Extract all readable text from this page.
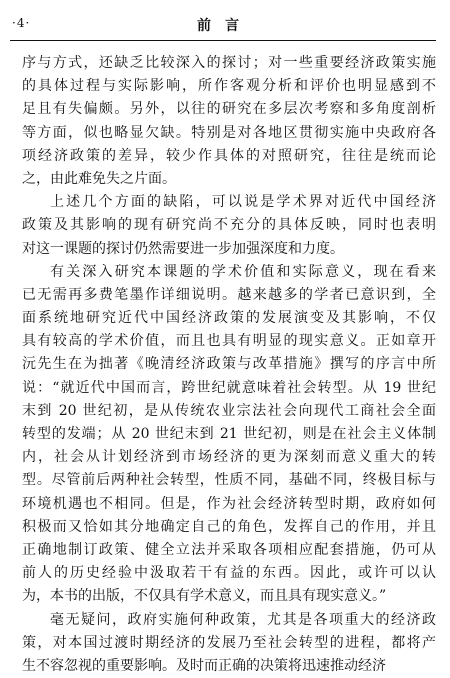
·4·	前言
序与方式，还缺乏比较深入的探讨；对一些重要经济政策实施
的具体过程与实际影响，所作客观分析和评价也明显感到不
足且有失偏颇。另外，以往的研究在多层次考察和多角度剖析
等方面，似也略显欠缺。特别是对各地区贯彻实施中央政府各
项经济政策的差异，较少作具体的对照研究，往往是统而论
之，由此难免失之片面。
上述几个方面的缺陷，可以说是学术界对近代中国经济
政策及其影响的现有研究尚不充分的具体反映，同时也表明
对这一课题的探讨仍然需要进一步加强深度和力度。
有关深入研究本课题的学术价值和实际意义，现在看来
已无需再多费笔墨作详细说明。越来越多的学者已意识到，全
面系统地研究近代中国经济政策的发展演变及其影响，不仅
具有较高的学术价值，而且也具有明显的现实意义。正如章开
沅先生在为拙著《晚清经济政策与改革措施》撰写的序言中所
说：“就近代中国而言，跨世纪就意味着社会转型。从 19 世纪
末到 20 世纪初，是从传统农业宗法社会向现代工商社会全面
转型的发端；从 20 世纪末到 21 世纪初，则是在社会主义体制
内，社会从计划经济到市场经济的更为深刻而意义重大的转
型。尽管前后两种社会转型，性质不同，基础不同，终极目标与
环境机遇也不相同。但是，作为社会经济转型时期，政府如何
积极而又恰如其分地确定自己的角色，发挥自己的作用，并且
正确地制订政策、健全立法并采取各项相应配套措施，仍可从
前人的历史经验中汲取若干有益的东西。因此，或许可以认
为，本书的出版，不仅具有学术意义，而且具有现实意义。”
毫无疑问，政府实施何种政策，尤其是各项重大的经济政
策，对本国过渡时期经济的发展乃至社会转型的进程，都将产
生不容忽视的重要影响。及时而正确的决策将迅速推动经济
